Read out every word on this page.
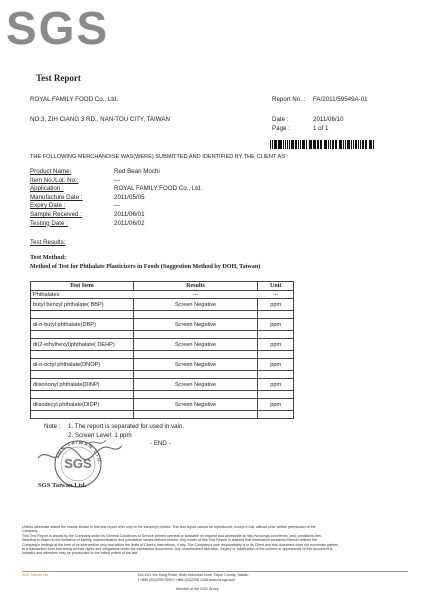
SGS
Test Report
ROYAL FAMILY FOOD Co., Ltd.
NO.3, ZIH CIANG 3 RD., NAN-TOU CITY, TAIWAN
Report No. : FA/2011/59549A-01
Date :	2011/06/10
Page :	1 of 1
THE FOLLOWING MERCHANDISE WAS(WERE) SUBMITTED AND IDENTIFIED BY THE CLIENT AS :
Product Name:	Red Bean Mochi
Item No./Lot. No.:	---
Application :	ROYAL FAMILY FOOD Co., Ltd.
Manufacture Date :	2011/05/05
Expiry Date :	---
Sample Received :	2011/06/01
Testing Date :	2011/06/02
Test Results:
Test Method:
Method of Test for Phthalate Plasticizers in Foods (Suggestion Method by DOH, Taiwan)
Test Item	Results	Unit
Phthalates	---	---
butyl benzyl phthalate( BBP)	Screen Negative	ppm

di-n-butyl phthalate(DBP)	Screen Negative	ppm

di(2-ethylhexyl)phthalate( DEHP)	Screen Negative	ppm

di-n-octyl phthalate(DNOP)	Screen Negative	ppm

diisononyl phthalate(DINP)	Screen Negative	ppm

diisodecyl phthalate(DIDP)	Screen Negative	ppm

Note : 1. The report is separated for used in vain.
2. Screen Level: 1 ppm
- END -
SGS TAIWAN LTD.
SGS
SGS Taiwan Ltd.
Unless otherwise stated the results shown in this test report refer only to the sample(s) tested. This test report cannot be reproduced, except in full, without prior written permission of the
Company.
This Test Report is issued by the Company under its General Conditions of Service printed overleaf or available on request and accessible at http://www.sgs.com/terms_and_conditions.htm.
Attention is drawn to the limitation of liability, indemnification and jurisdiction issues defined therein. Any holder of this Test Report is advised that information contained hereon reflects the
Company's findings at the time of its intervention only and within the limits of Client's instructions, if any. The Company's sole responsibility is to its Client and this document does not exonerate parties
to a transaction from exercising all their rights and obligations under the transaction documents. Any unauthorized alteration, forgery or falsification of the content or appearance of this document is
unlawful and offenders may be prosecuted to the fullest extent of the law.
SGS Taiwan Ltd.	NO.13/1 Wu Kung Road, Wufu Industrial Zone, Taipei County, Taiwan
t +886 (02)2299 3939 f +886 (02)2298 1338 www.tw.sgs.com
Member of the SGS Group
